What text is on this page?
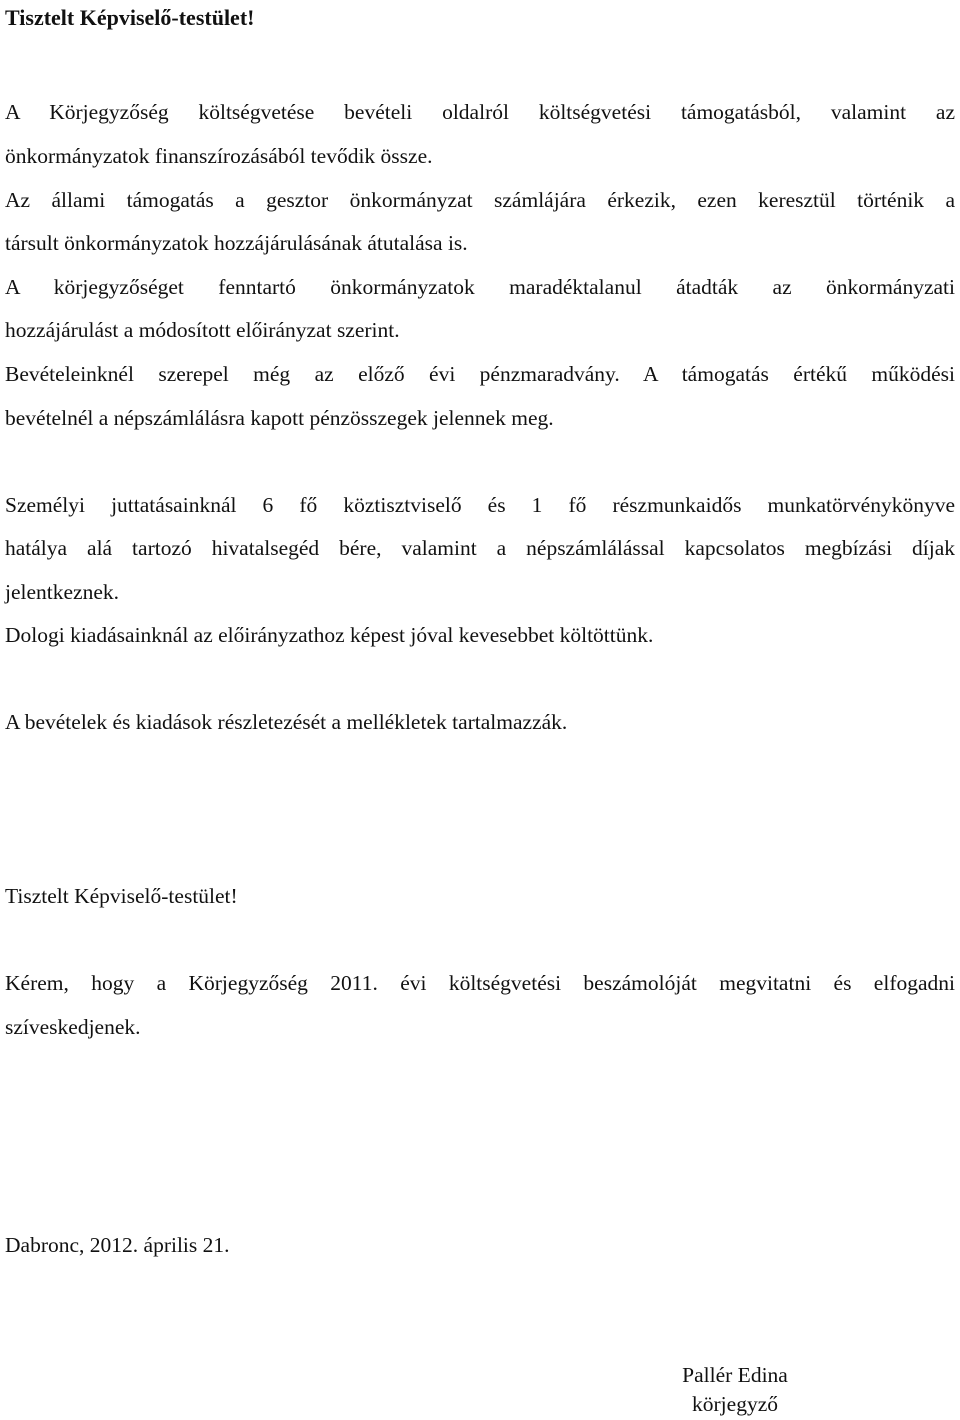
Tisztelt Képviselő-testület!
A Körjegyzőség költségvetése bevételi oldalról költségvetési támogatásból, valamint az
önkormányzatok finanszírozásából tevődik össze.
Az állami támogatás a gesztor önkormányzat számlájára érkezik, ezen keresztül történik a
társult önkormányzatok hozzájárulásának átutalása is.
A körjegyzőséget fenntartó önkormányzatok maradéktalanul átadták az önkormányzati
hozzájárulást a módosított előirányzat szerint.
Bevételeinknél szerepel még az előző évi pénzmaradvány. A támogatás értékű működési
bevételnél a népszámlálásra kapott pénzösszegek jelennek meg.
Személyi juttatásainknál 6 fő köztisztviselő és 1 fő részmunkaidős munkatörvénykönyve
hatálya alá tartozó hivatalsegéd bére, valamint a népszámlálással kapcsolatos megbízási díjak
jelentkeznek.
Dologi kiadásainknál az előirányzathoz képest jóval kevesebbet költöttünk.
A bevételek és kiadások részletezését a mellékletek tartalmazzák.
Tisztelt Képviselő-testület!
Kérem, hogy a Körjegyzőség 2011. évi költségvetési beszámolóját megvitatni és elfogadni
szíveskedjenek.
Dabronc, 2012. április 21.
Pallér Edina
körjegyző
